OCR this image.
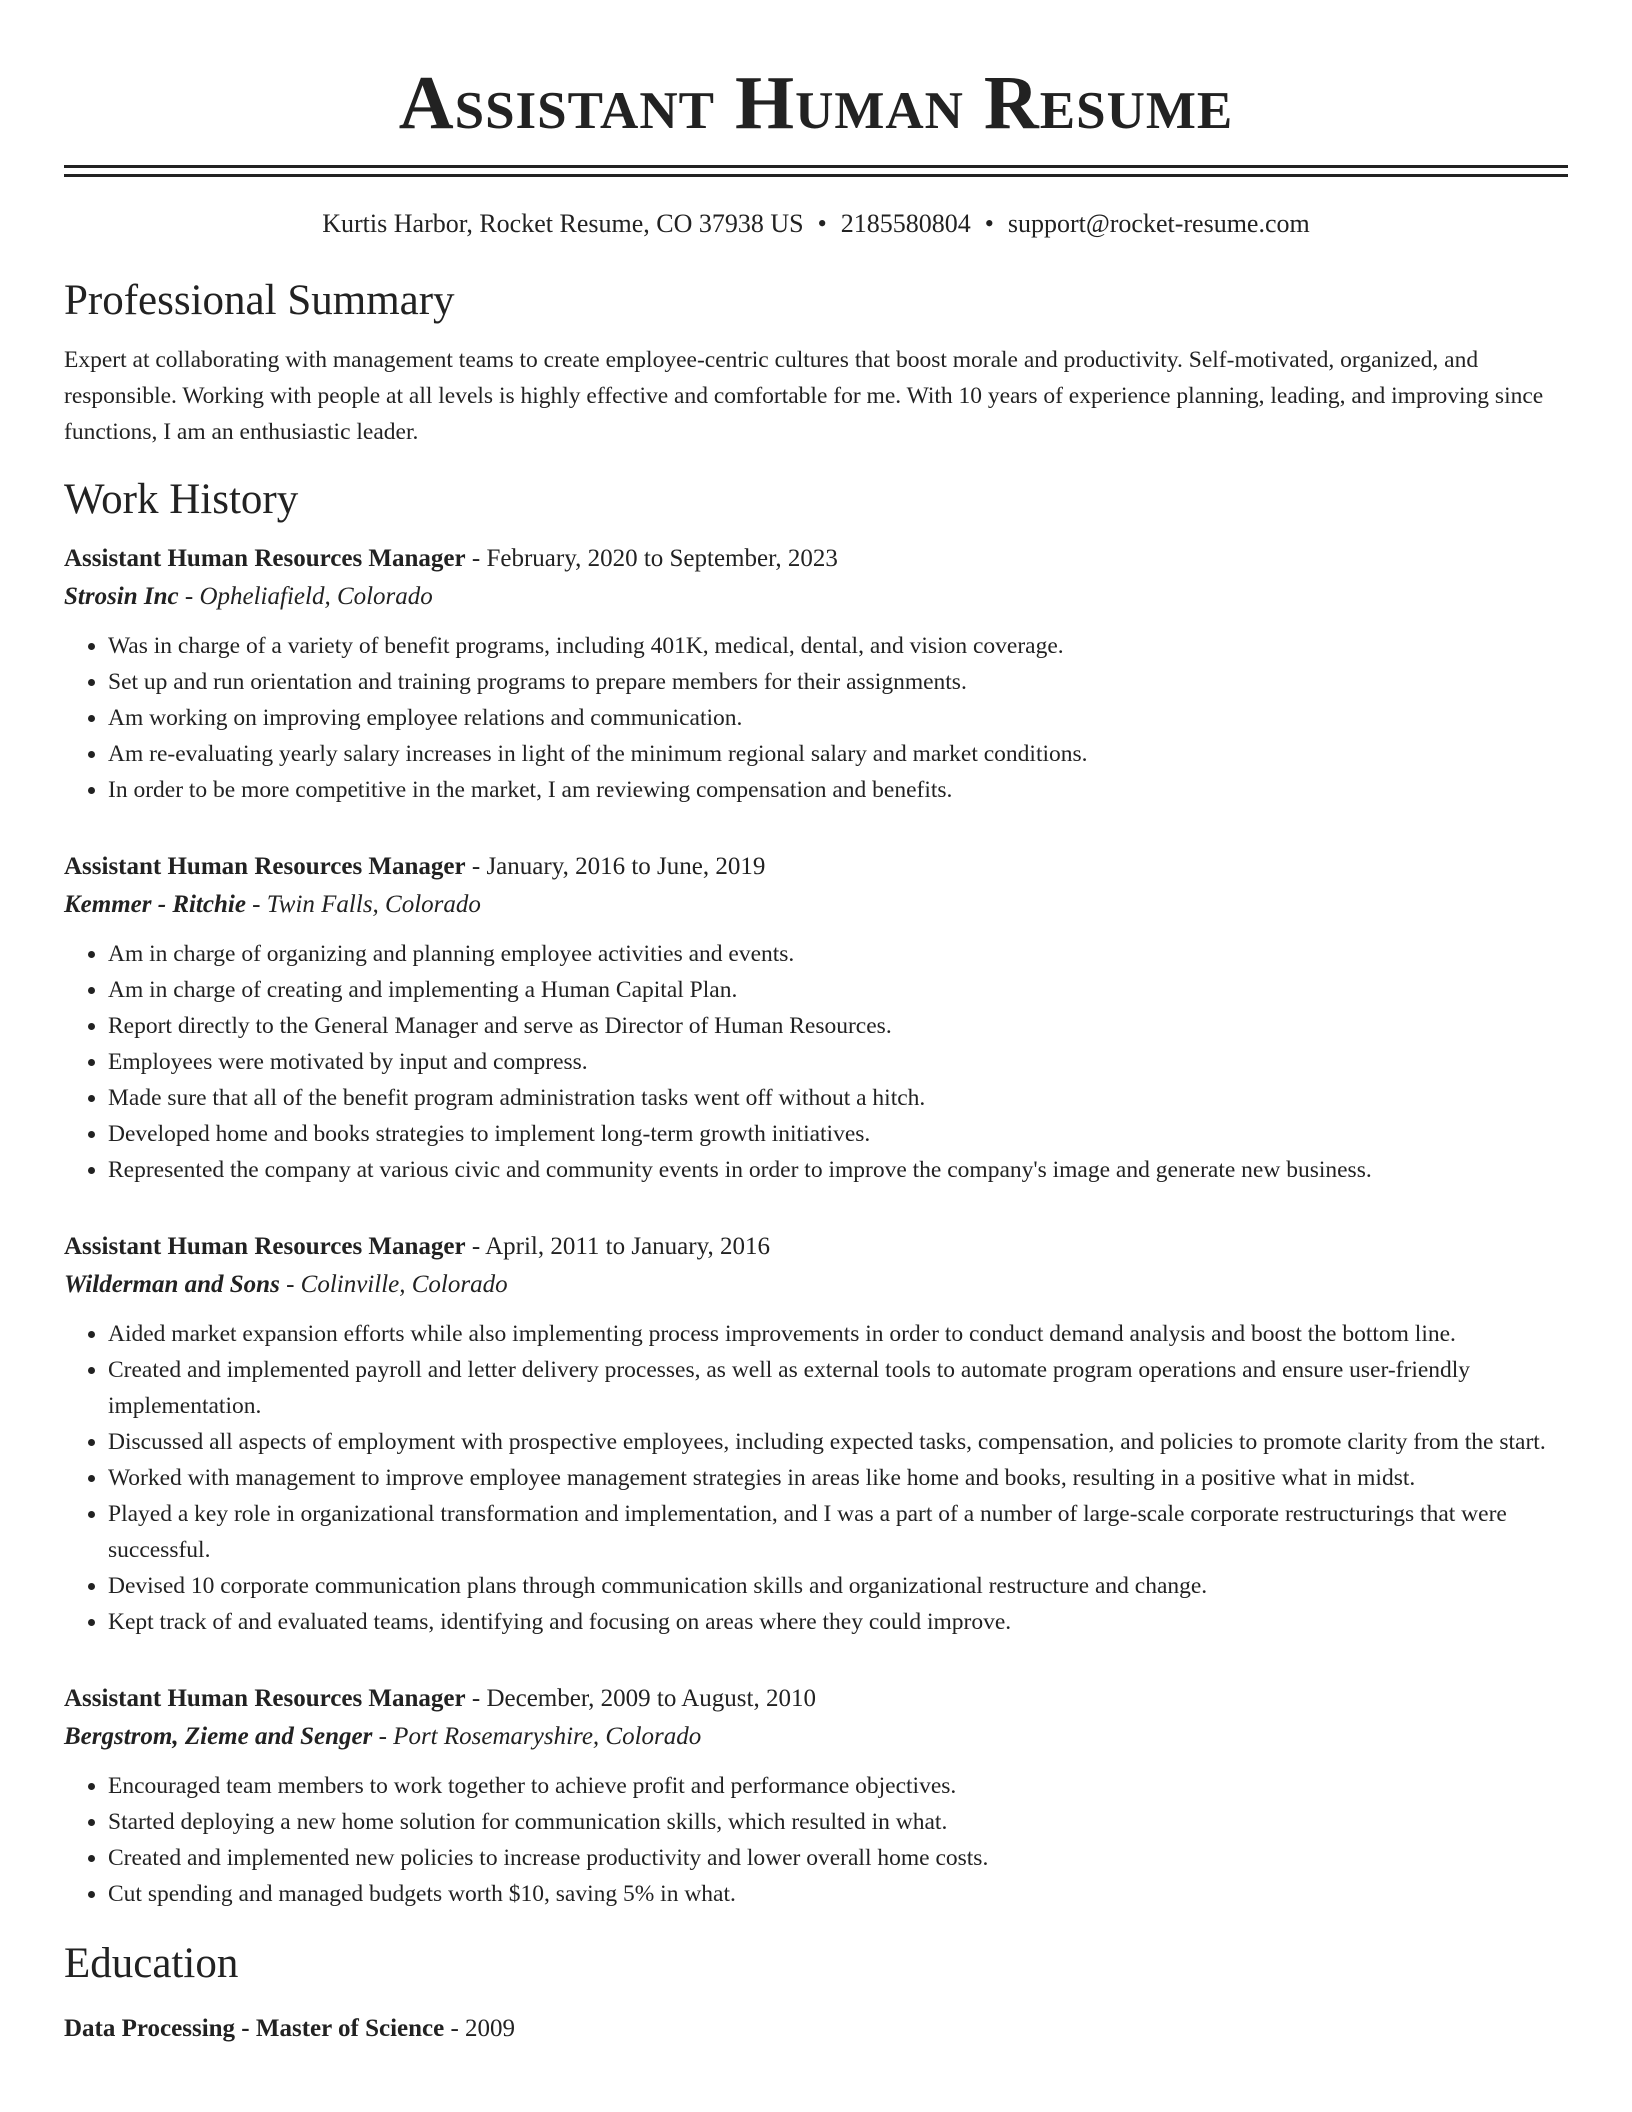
Assistant Human Resume
Kurtis Harbor, Rocket Resume, CO 37938 US • 2185580804 • support@rocket-resume.com
Professional Summary

Expert at collaborating with management teams to create employee-centric cultures that boost morale and productivity. Self-motivated, organized, and responsible. Working with people at all levels is highly effective and comfortable for me. With 10 years of experience planning, leading, and improving since functions, I am an enthusiastic leader.

Work History
Assistant Human Resources Manager - February, 2020 to September, 2023
Strosin Inc - Opheliafield, Colorado
• Was in charge of a variety of benefit programs, including 401K, medical, dental, and vision coverage.
• Set up and run orientation and training programs to prepare members for their assignments.
• Am working on improving employee relations and communication.
• Am re-evaluating yearly salary increases in light of the minimum regional salary and market conditions.
• In order to be more competitive in the market, I am reviewing compensation and benefits.
Assistant Human Resources Manager - January, 2016 to June, 2019
Kemmer - Ritchie - Twin Falls, Colorado
• Am in charge of organizing and planning employee activities and events.
• Am in charge of creating and implementing a Human Capital Plan.
• Report directly to the General Manager and serve as Director of Human Resources.
• Employees were motivated by input and compress.
• Made sure that all of the benefit program administration tasks went off without a hitch.
• Developed home and books strategies to implement long-term growth initiatives.
• Represented the company at various civic and community events in order to improve the company's image and generate new business.
Assistant Human Resources Manager - April, 2011 to January, 2016
Wilderman and Sons - Colinville, Colorado
• Aided market expansion efforts while also implementing process improvements in order to conduct demand analysis and boost the bottom line.
• Created and implemented payroll and letter delivery processes, as well as external tools to automate program operations and ensure user-friendly implementation.
• Discussed all aspects of employment with prospective employees, including expected tasks, compensation, and policies to promote clarity from the start.
• Worked with management to improve employee management strategies in areas like home and books, resulting in a positive what in midst.
• Played a key role in organizational transformation and implementation, and I was a part of a number of large-scale corporate restructurings that were successful.
• Devised 10 corporate communication plans through communication skills and organizational restructure and change.
• Kept track of and evaluated teams, identifying and focusing on areas where they could improve.
Assistant Human Resources Manager - December, 2009 to August, 2010
Bergstrom, Zieme and Senger - Port Rosemaryshire, Colorado
• Encouraged team members to work together to achieve profit and performance objectives.
• Started deploying a new home solution for communication skills, which resulted in what.
• Created and implemented new policies to increase productivity and lower overall home costs.
• Cut spending and managed budgets worth $10, saving 5% in what.
Education
Data Processing - Master of Science - 2009
